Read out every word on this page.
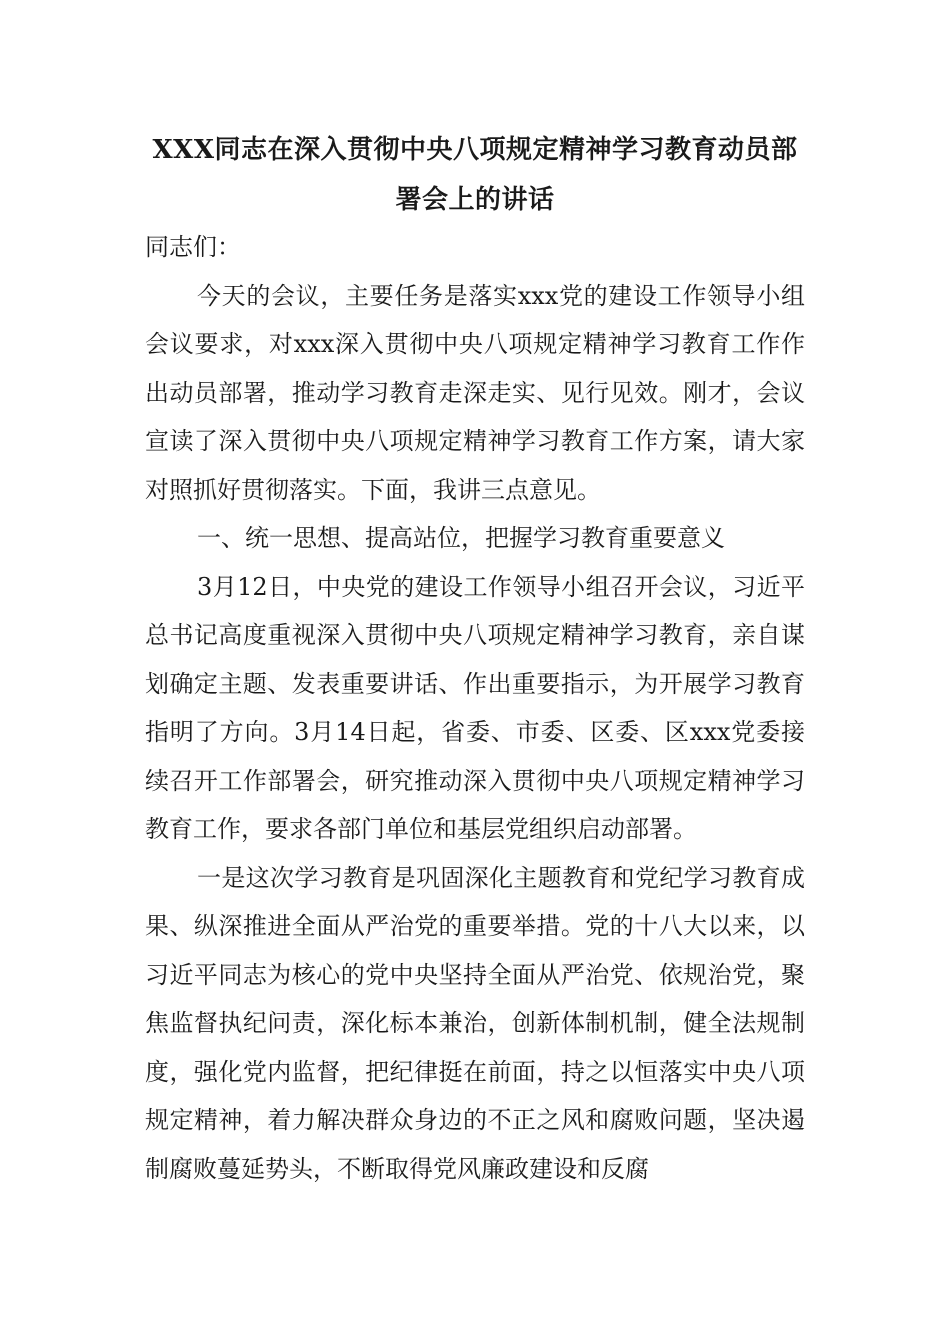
XXX同志在深入贯彻中央八项规定精神学习教育动员部署会上的讲话

同志们：

今天的会议，主要任务是落实xxx党的建设工作领导小组会议要求，对xxx深入贯彻中央八项规定精神学习教育工作作出动员部署，推动学习教育走深走实、见行见效。刚才，会议宣读了深入贯彻中央八项规定精神学习教育工作方案，请大家对照抓好贯彻落实。下面，我讲三点意见。

一、统一思想、提高站位，把握学习教育重要意义

3月12日，中央党的建设工作领导小组召开会议，习近平总书记高度重视深入贯彻中央八项规定精神学习教育，亲自谋划确定主题、发表重要讲话、作出重要指示，为开展学习教育指明了方向。3月14日起，省委、市委、区委、区xxx党委接续召开工作部署会，研究推动深入贯彻中央八项规定精神学习教育工作，要求各部门单位和基层党组织启动部署。

一是这次学习教育是巩固深化主题教育和党纪学习教育成果、纵深推进全面从严治党的重要举措。党的十八大以来，以习近平同志为核心的党中央坚持全面从严治党、依规治党，聚焦监督执纪问责，深化标本兼治，创新体制机制，健全法规制度，强化党内监督，把纪律挺在前面，持之以恒落实中央八项规定精神，着力解决群众身边的不正之风和腐败问题，坚决遏制腐败蔓延势头，不断取得党风廉政建设和反腐
